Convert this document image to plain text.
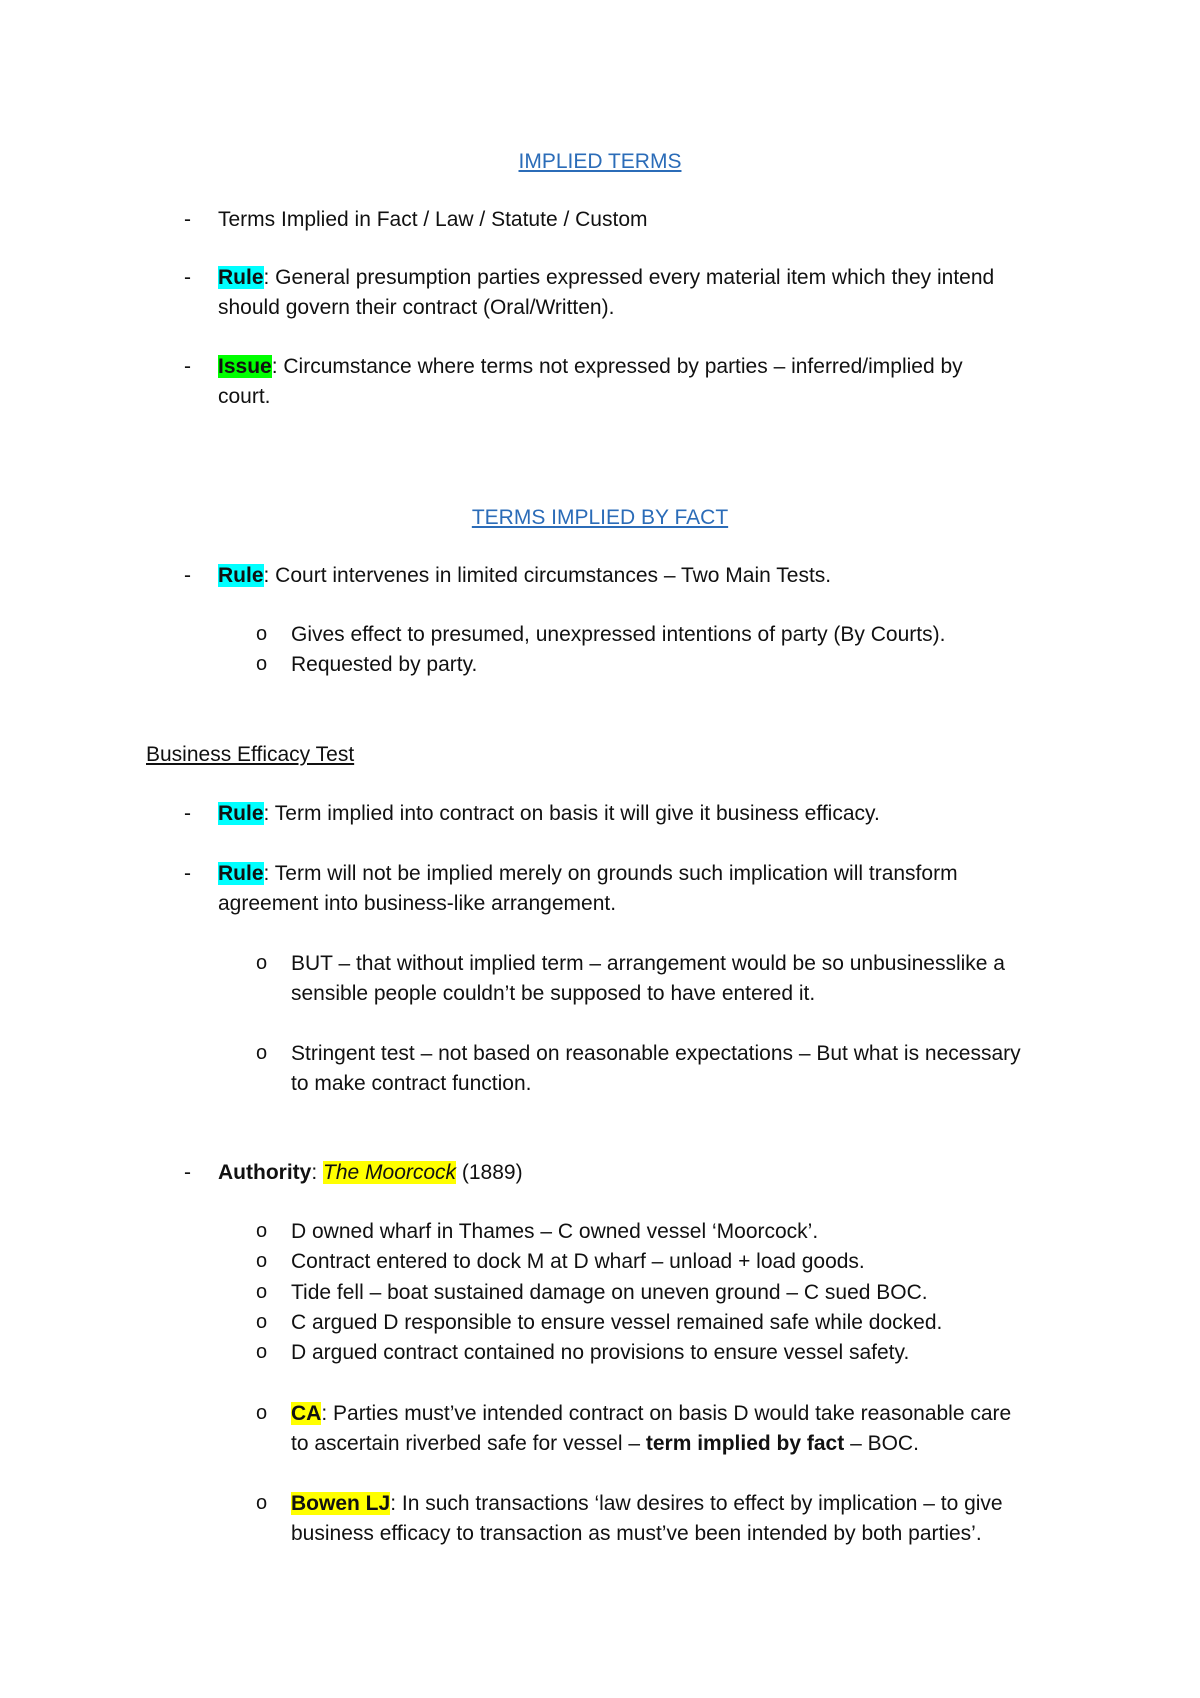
IMPLIED TERMS
- Terms Implied in Fact / Law / Statute / Custom
- Rule: General presumption parties expressed every material item which they intend
should govern their contract (Oral/Written).
- Issue: Circumstance where terms not expressed by parties – inferred/implied by
court.
TERMS IMPLIED BY FACT
- Rule: Court intervenes in limited circumstances – Two Main Tests.
o Gives effect to presumed, unexpressed intentions of party (By Courts).
o Requested by party.
Business Efficacy Test
- Rule: Term implied into contract on basis it will give it business efficacy.
- Rule: Term will not be implied merely on grounds such implication will transform
agreement into business-like arrangement.
o BUT – that without implied term – arrangement would be so unbusinesslike a
sensible people couldn’t be supposed to have entered it.
o Stringent test – not based on reasonable expectations – But what is necessary
to make contract function.
- Authority: The Moorcock (1889)
o D owned wharf in Thames – C owned vessel ‘Moorcock’.
o Contract entered to dock M at D wharf – unload + load goods.
o Tide fell – boat sustained damage on uneven ground – C sued BOC.
o C argued D responsible to ensure vessel remained safe while docked.
o D argued contract contained no provisions to ensure vessel safety.
o CA: Parties must’ve intended contract on basis D would take reasonable care
to ascertain riverbed safe for vessel – term implied by fact – BOC.
o Bowen LJ: In such transactions ‘law desires to effect by implication – to give
business efficacy to transaction as must’ve been intended by both parties’.
